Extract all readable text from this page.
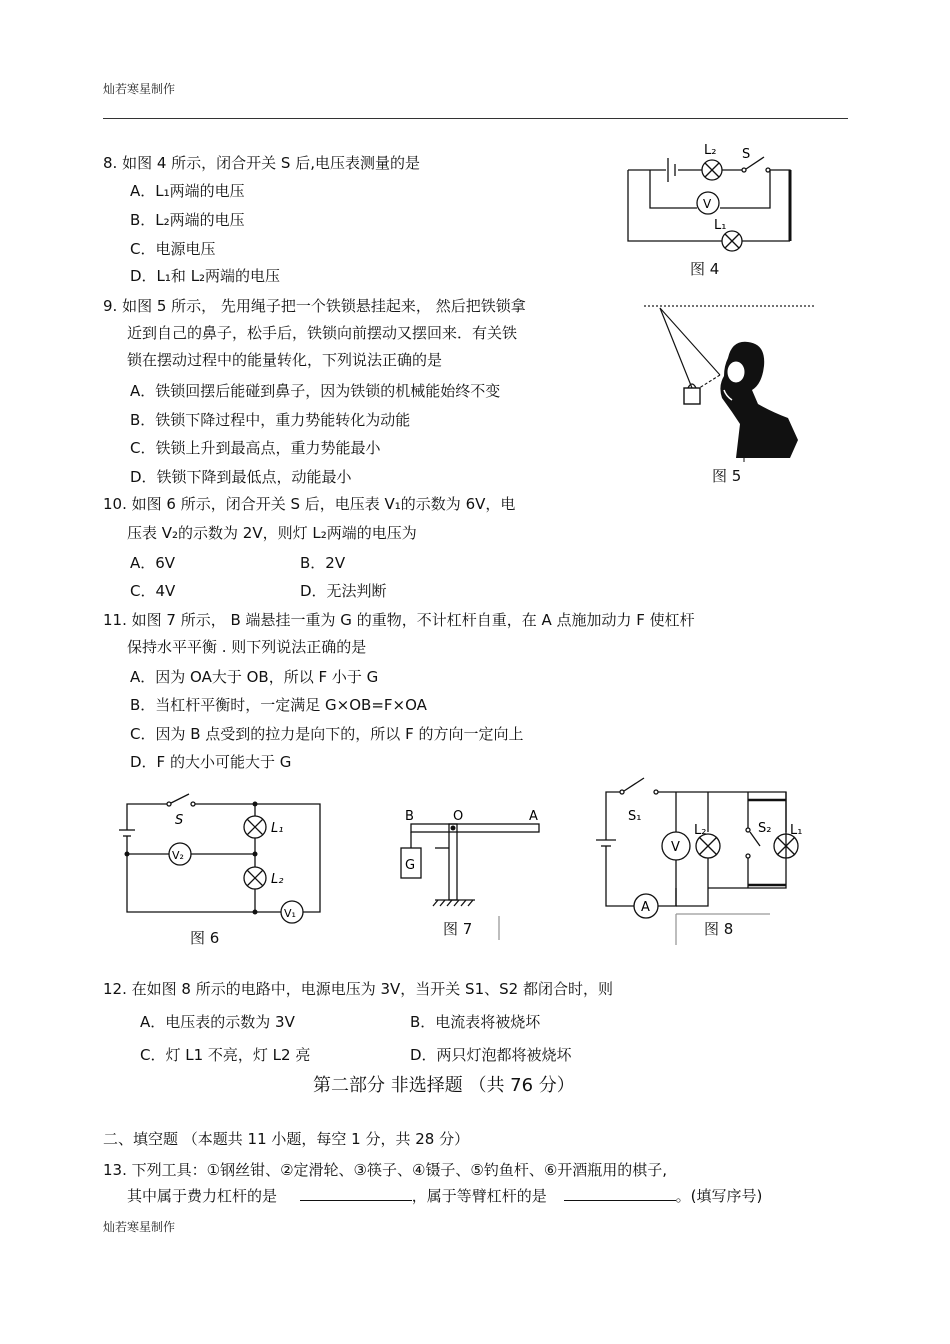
灿若寒星制作
8. 如图 4 所示，闭合开关 S 后,电压表测量的是
A．L₁两端的电压
B．L₂两端的电压
C．电源电压
D．L₁和 L₂两端的电压
L₂ S
V
L₁
图 4
9. 如图 5 所示， 先用绳子把一个铁锁悬挂起来， 然后把铁锁拿
近到自己的鼻子，松手后，铁锁向前摆动又摆回来．有关铁
锁在摆动过程中的能量转化，下列说法正确的是
A．铁锁回摆后能碰到鼻子，因为铁锁的机械能始终不变
B．铁锁下降过程中，重力势能转化为动能
C．铁锁上升到最高点，重力势能最小
D．铁锁下降到最低点，动能最小	图 5
10. 如图 6 所示，闭合开关 S 后，电压表 V₁的示数为 6V，电
压表 V₂的示数为 2V，则灯 L₂两端的电压为
A．6V	B．2V
C．4V	D．无法判断
11. 如图 7 所示， B 端悬挂一重为 G 的重物，不计杠杆自重，在 A 点施加动力 F 使杠杆
保持水平平衡 . 则下列说法正确的是
A．因为 OA大于 OB，所以 F 小于 G
B．当杠杆平衡时，一定满足 G×OB=F×OA
C．因为 B 点受到的拉力是向下的，所以 F 的方向一定向上
D．F 的大小可能大于 G
S
L₁
L₂
V₂
V₁
图 6
B	O	A
G
图 7
S₁
V
L₂	S₂ L₁
A
图 8
12. 在如图 8 所示的电路中，电源电压为 3V，当开关 S1、S2 都闭合时，则
A．电压表的示数为 3V	B．电流表将被烧坏
C．灯 L1 不亮，灯 L2 亮	D．两只灯泡都将被烧坏
第二部分 非选择题 （共 76 分）
二、填空题 （本题共 11 小题，每空 1 分，共 28 分）
13. 下列工具：①钢丝钳、②定滑轮、③筷子、④镊子、⑤钓鱼杆、⑥开酒瓶用的棋子,
其中属于费力杠杆的是	，属于等臂杠杆的是	。(填写序号)
灿若寒星制作
